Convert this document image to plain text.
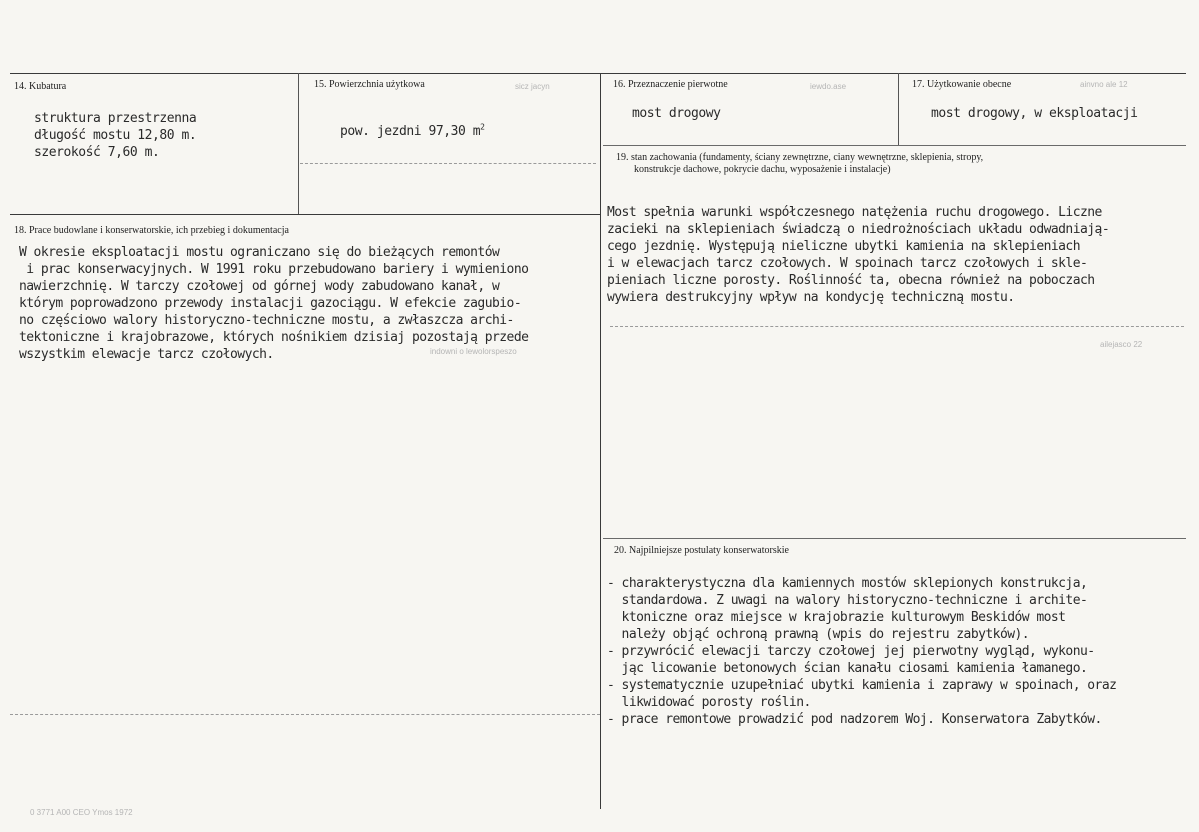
sicz jacyn	iewdo.ase	ainvno ale 12
ailejasco 22
indowni o lewolorspeszo
0 3771 A00 CEO Ymos 1972
14. Kubatura
struktura przestrzenna
długość mostu 12,80 m.
szerokość 7,60 m.
15. Powierzchnia użytkowa
pow. jezdni 97,30 $m^2$
16. Przeznaczenie pierwotne
most drogowy
17. Użytkowanie obecne
most drogowy, w eksploatacji
18. Prace budowlane i konserwatorskie, ich przebieg i dokumentacja
W okresie eksploatacji mostu ograniczano się do bieżących remontów
i prac konserwacyjnych. W 1991 roku przebudowano bariery i wymieniono
nawierzchnię. W tarczy czołowej od górnej wody zabudowano kanał, w
którym poprowadzono przewody instalacji gazociągu. W efekcie zagubio-
no częściowo walory historyczno-techniczne mostu, a zwłaszcza archi-
tektoniczne i krajobrazowe, których nośnikiem dzisiaj pozostają przede
wszystkim elewacje tarcz czołowych.
19. stan zachowania (fundamenty, ściany zewnętrzne, ciany wewnętrzne, sklepienia, stropy,
konstrukcje dachowe, pokrycie dachu, wyposażenie i instalacje)
Most spełnia warunki współczesnego natężenia ruchu drogowego. Liczne
zacieki na sklepieniach świadczą o niedrożnościach układu odwadniają-
cego jezdnię. Występują nieliczne ubytki kamienia na sklepieniach
i w elewacjach tarcz czołowych. W spoinach tarcz czołowych i skle-
pieniach liczne porosty. Roślinność ta, obecna również na poboczach
wywiera destrukcyjny wpływ na kondycję techniczną mostu.
20. Najpilniejsze postulaty konserwatorskie
- charakterystyczna dla kamiennych mostów sklepionych konstrukcja,
standardowa. Z uwagi na walory historyczno-techniczne i archite-
ktoniczne oraz miejsce w krajobrazie kulturowym Beskidów most
należy objąć ochroną prawną (wpis do rejestru zabytków).
- przywrócić elewacji tarczy czołowej jej pierwotny wygląd, wykonu-
jąc licowanie betonowych ścian kanału ciosami kamienia łamanego.
- systematycznie uzupełniać ubytki kamienia i zaprawy w spoinach, oraz
likwidować porosty roślin.
- prace remontowe prowadzić pod nadzorem Woj. Konserwatora Zabytków.
